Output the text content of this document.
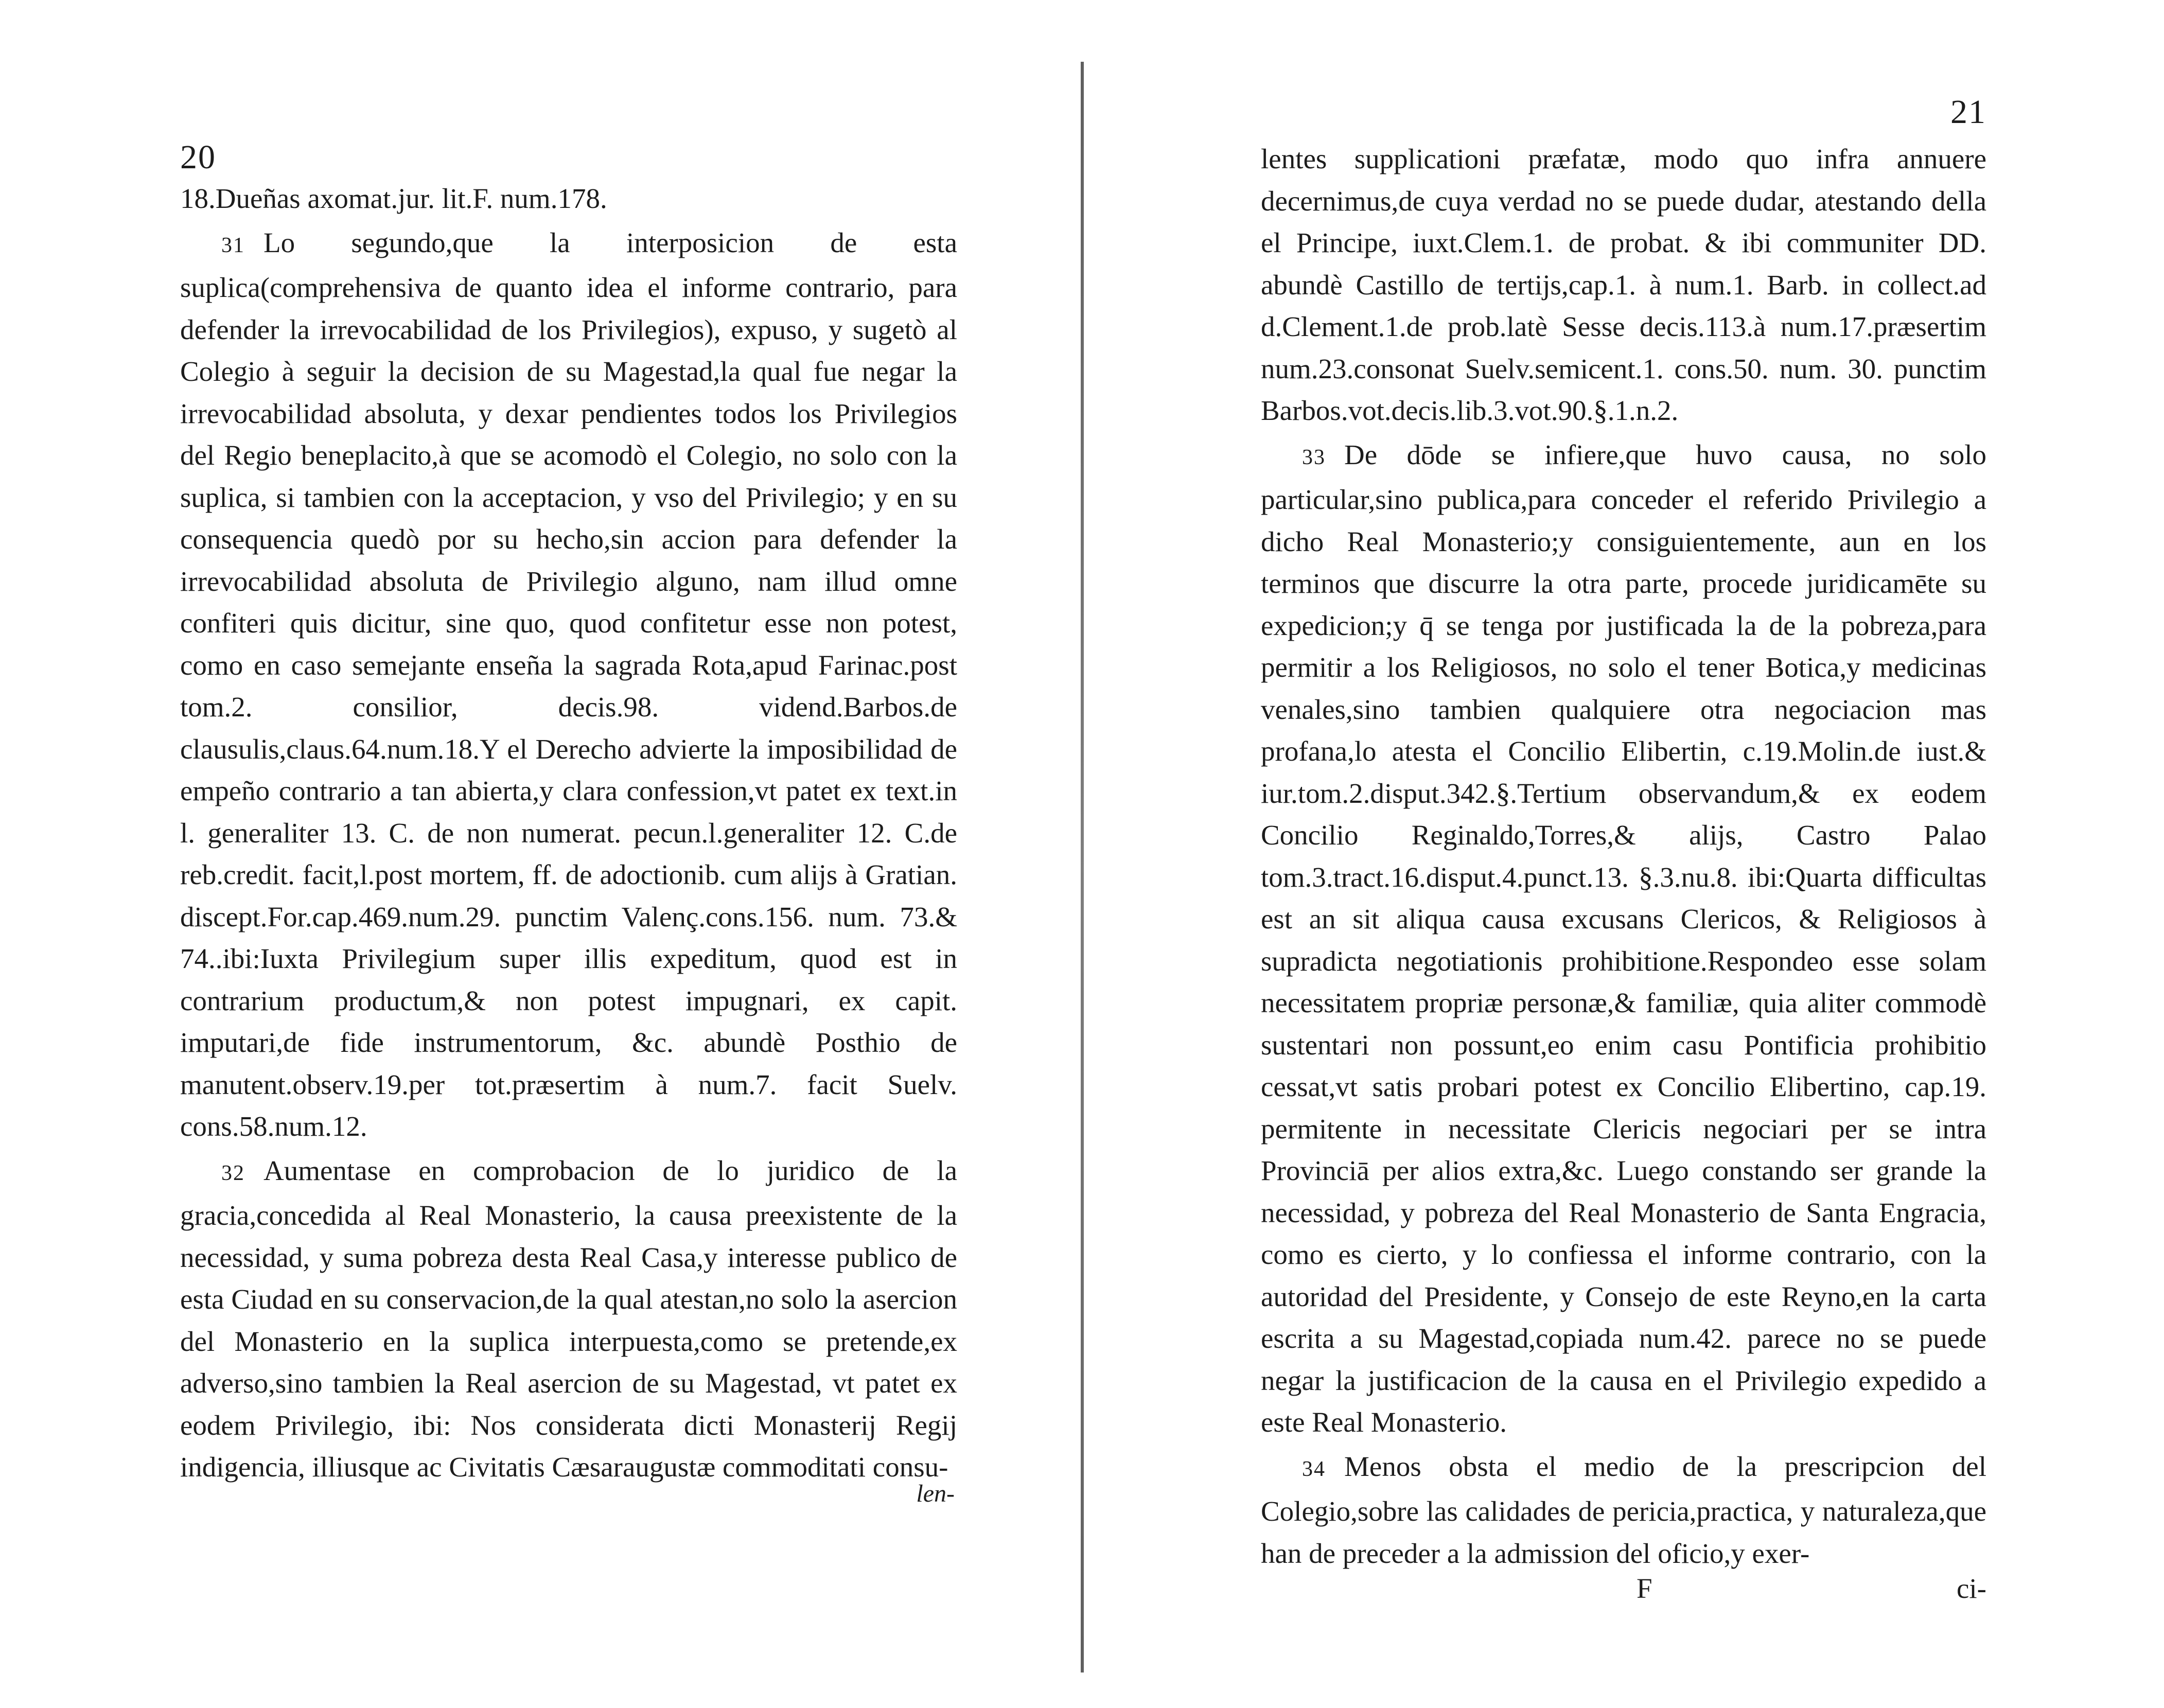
20

18.Dueñas axomat.jur. lit.F. num.178.

31 Lo segundo,que la interposicion de esta suplica(comprehensiva de quanto idea el informe contrario, para defender la irrevocabilidad de los Privilegios), expuso, y sugetò al Colegio à seguir la decision de su Magestad,la qual fue negar la irrevocabilidad absoluta, y dexar pendientes todos los Privilegios del Regio beneplacito,à que se acomodò el Colegio, no solo con la suplica, si tambien con la acceptacion, y vso del Privilegio; y en su consequencia quedò por su hecho,sin accion para defender la irrevocabilidad absoluta de Privilegio alguno, nam illud omne confiteri quis dicitur, sine quo, quod confitetur esse non potest, como en caso semejante enseña la sagrada Rota,apud Farinac.post tom.2. consilior, decis.98. vidend.Barbos.de clausulis,claus.64.num.18.Y el Derecho advierte la imposibilidad de empeño contrario a tan abierta,y clara confession,vt patet ex text.in l. generaliter 13. C. de non numerat. pecun.l.generaliter 12. C.de reb.credit. facit,l.post mortem, ff. de adoctionib. cum alijs à Gratian. discept.For.cap.469.num.29. punctim Valenç.cons.156. num. 73.& 74..ibi:Iuxta Privilegium super illis expeditum, quod est in contrarium productum,& non potest impugnari, ex capit. imputari,de fide instrumentorum, &c. abundè Posthio de manutent.observ.19.per tot.præsertim à num.7. facit Suelv. cons.58.num.12.

32 Aumentase en comprobacion de lo juridico de la gracia,concedida al Real Monasterio, la causa preexistente de la necessidad, y suma pobreza desta Real Casa,y interesse publico de esta Ciudad en su conservacion,de la qual atestan,no solo la asercion del Monasterio en la suplica interpuesta,como se pretende,ex adverso,sino tambien la Real asercion de su Magestad, vt patet ex eodem Privilegio, ibi: Nos considerata dicti Monasterij Regij indigencia, illiusque ac Civitatis Cæsaraugustæ commoditati consu-

len-
21

lentes supplicationi præfatæ, modo quo infra annuere decernimus,de cuya verdad no se puede dudar, atestando della el Principe, iuxt.Clem.1. de probat. & ibi communiter DD. abundè Castillo de tertijs,cap.1. à num.1. Barb. in collect.ad d.Clement.1.de prob.latè Sesse decis.113.à num.17.præsertim num.23.consonat Suelv.semicent.1. cons.50. num. 30. punctim Barbos.vot.decis.lib.3.vot.90.§.1.n.2.

33 De dōde se infiere,que huvo causa, no solo particular,sino publica,para conceder el referido Privilegio a dicho Real Monasterio;y consiguientemente, aun en los terminos que discurre la otra parte, procede juridicamēte su expedicion;y q̄ se tenga por justificada la de la pobreza,para permitir a los Religiosos, no solo el tener Botica,y medicinas venales,sino tambien qualquiere otra negociacion mas profana,lo atesta el Concilio Elibertin, c.19.Molin.de iust.& iur.tom.2.disput.342.§.Tertium observandum,& ex eodem Concilio Reginaldo,Torres,& alijs, Castro Palao tom.3.tract.16.disput.4.punct.13. §.3.nu.8. ibi:Quarta difficultas est an sit aliqua causa excusans Clericos, & Religiosos à supradicta negotiationis prohibitione.Respondeo esse solam necessitatem propriæ personæ,& familiæ, quia aliter commodè sustentari non possunt,eo enim casu Pontificia prohibitio cessat,vt satis probari potest ex Concilio Elibertino, cap.19. permitente in necessitate Clericis negociari per se intra Provinciā per alios extra,&c. Luego constando ser grande la necessidad, y pobreza del Real Monasterio de Santa Engracia, como es cierto, y lo confiessa el informe contrario, con la autoridad del Presidente, y Consejo de este Reyno,en la carta escrita a su Magestad,copiada num.42. parece no se puede negar la justificacion de la causa en el Privilegio expedido a este Real Monasterio.

34 Menos obsta el medio de la prescripcion del Colegio,sobre las calidades de pericia,practica, y naturaleza,que han de preceder a la admission del oficio,y exer-

F	ci-
